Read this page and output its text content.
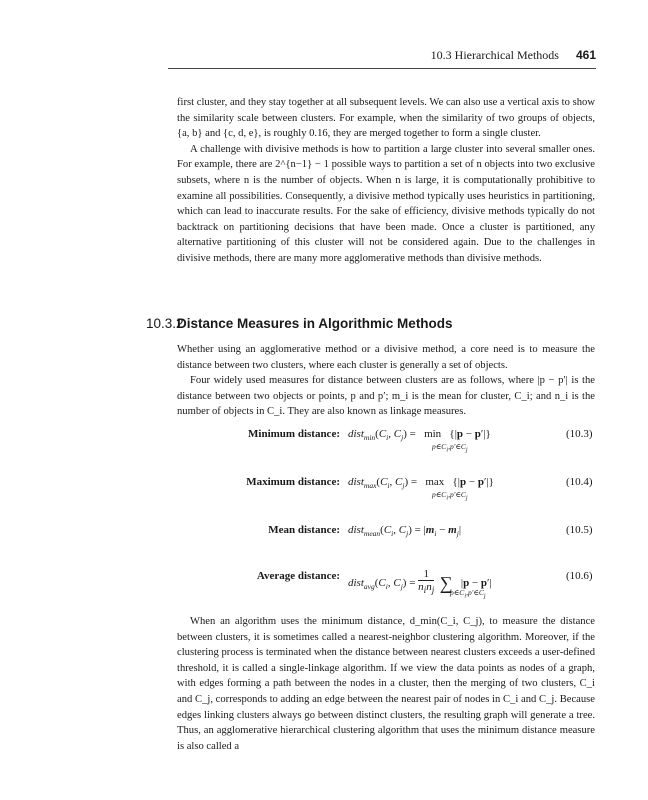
10.3 Hierarchical Methods 461

first cluster, and they stay together at all subsequent levels. We can also use a vertical axis to show the similarity scale between clusters. For example, when the similarity of two groups of objects, {a, b} and {c, d, e}, is roughly 0.16, they are merged together to form a single cluster.

A challenge with divisive methods is how to partition a large cluster into several smaller ones. For example, there are 2^{n−1} − 1 possible ways to partition a set of n objects into two exclusive subsets, where n is the number of objects. When n is large, it is computationally prohibitive to examine all possibilities. Consequently, a divisive method typically uses heuristics in partitioning, which can lead to inaccurate results. For the sake of efficiency, divisive methods typically do not backtrack on partitioning decisions that have been made. Once a cluster is partitioned, any alternative partitioning of this cluster will not be considered again. Due to the challenges in divisive methods, there are many more agglomerative methods than divisive methods.

10.3.2
Distance Measures in Algorithmic Methods

Whether using an agglomerative method or a divisive method, a core need is to measure the distance between two clusters, where each cluster is generally a set of objects.

Four widely used measures for distance between clusters are as follows, where |p − p′| is the distance between two objects or points, p and p′; m_i is the mean for cluster, C_i; and n_i is the number of objects in C_i. They are also known as linkage measures.

Minimum distance: $dist_{min}(C_i$, $C_j) = \min \{|p - p'|\}$
$p\in C_i,p'\in C_j$
(10.3)
Maximum distance: $dist_{max}(C_i$, $C_j) = \max \{|p - p'|\}$
$p\in C_i,p'\in C_j$
(10.4)
Mean distance: $dist_{mean}(C_i$, $C_j) = |m_i - m_j|$	(10.5)
Average distance:
$dist_{avg}(C_i$, $C_j$) =
1
$n_in_j$ ∑   |p − p′|
$p\in C_i,p'\in C_j$
(10.6)

When an algorithm uses the minimum distance, d_min(C_i, C_j), to measure the distance between clusters, it is sometimes called a nearest-neighbor clustering algorithm. Moreover, if the clustering process is terminated when the distance between nearest clusters exceeds a user-defined threshold, it is called a single-linkage algorithm. If we view the data points as nodes of a graph, with edges forming a path between the nodes in a cluster, then the merging of two clusters, C_i and C_j, corresponds to adding an edge between the nearest pair of nodes in C_i and C_j. Because edges linking clusters always go between distinct clusters, the resulting graph will generate a tree. Thus, an agglomerative hierarchical clustering algorithm that uses the minimum distance measure is also called a
